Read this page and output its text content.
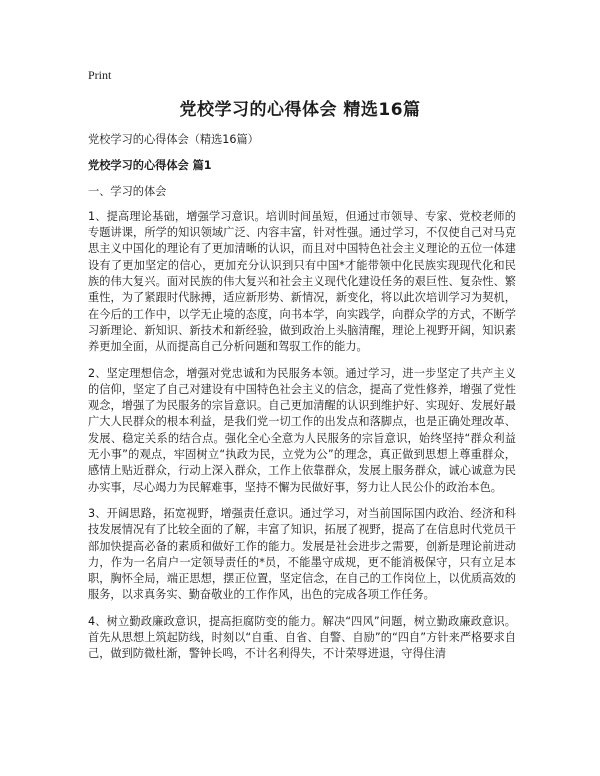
Print
党校学习的心得体会 精选16篇

党校学习的心得体会（精选16篇）

党校学习的心得体会 篇1

一、学习的体会

1、提高理论基础，增强学习意识。培训时间虽短，但通过市领导、专家、党校老师的专题讲课，所学的知识领域广泛、内容丰富，针对性强。通过学习，不仅使自己对马克思主义中国化的理论有了更加清晰的认识，而且对中国特色社会主义理论的五位一体建设有了更加坚定的信心，更加充分认识到只有中国*才能带领中化民族实现现代化和民族的伟大复兴。面对民族的伟大复兴和社会主义现代化建设任务的艰巨性、复杂性、繁重性，为了紧跟时代脉搏，适应新形势、新情况，新变化，将以此次培训学习为契机，在今后的工作中，以学无止境的态度，向书本学，向实践学，向群众学的方式，不断学习新理论、新知识、新技术和新经验，做到政治上头脑清醒，理论上视野开阔，知识素养更加全面，从而提高自己分析问题和驾驭工作的能力。

2、坚定理想信念，增强对党忠诚和为民服务本领。通过学习，进一步坚定了共产主义的信仰，坚定了自己对建设有中国特色社会主义的信念，提高了党性修养，增强了党性观念，增强了为民服务的宗旨意识。自己更加清醒的认识到维护好、实现好、发展好最广大人民群众的根本利益，是我们党一切工作的出发点和落脚点，也是正确处理改革、发展、稳定关系的结合点。强化全心全意为人民服务的宗旨意识，始终坚持“群众利益无小事”的观点，牢固树立“执政为民，立党为公”的理念，真正做到思想上尊重群众，感情上贴近群众，行动上深入群众，工作上依靠群众，发展上服务群众，诚心诚意为民办实事，尽心竭力为民解难事，坚持不懈为民做好事，努力让人民公仆的政治本色。

3、开阔思路，拓宽视野，增强责任意识。通过学习，对当前国际国内政治、经济和科技发展情况有了比较全面的了解，丰富了知识，拓展了视野，提高了在信息时代党员干部加快提高必备的素质和做好工作的能力。发展是社会进步之需要，创新是理论前进动力，作为一名肩户一定领导责任的*员，不能墨守成规，更不能消极保守，只有立足本职，胸怀全局，端正思想，摆正位置，坚定信念，在自己的工作岗位上，以优质高效的服务，以求真务实、勤奋敬业的工作作风，出色的完成各项工作任务。

4、树立勤政廉政意识，提高拒腐防变的能力。解决“四风”问题，树立勤政廉政意识。首先从思想上筑起防线，时刻以“自重、自省、自警、自励”的“四自”方针来严格要求自己，做到防微杜渐，警钟长鸣，不计名利得失，不计荣辱进退，守得住清
